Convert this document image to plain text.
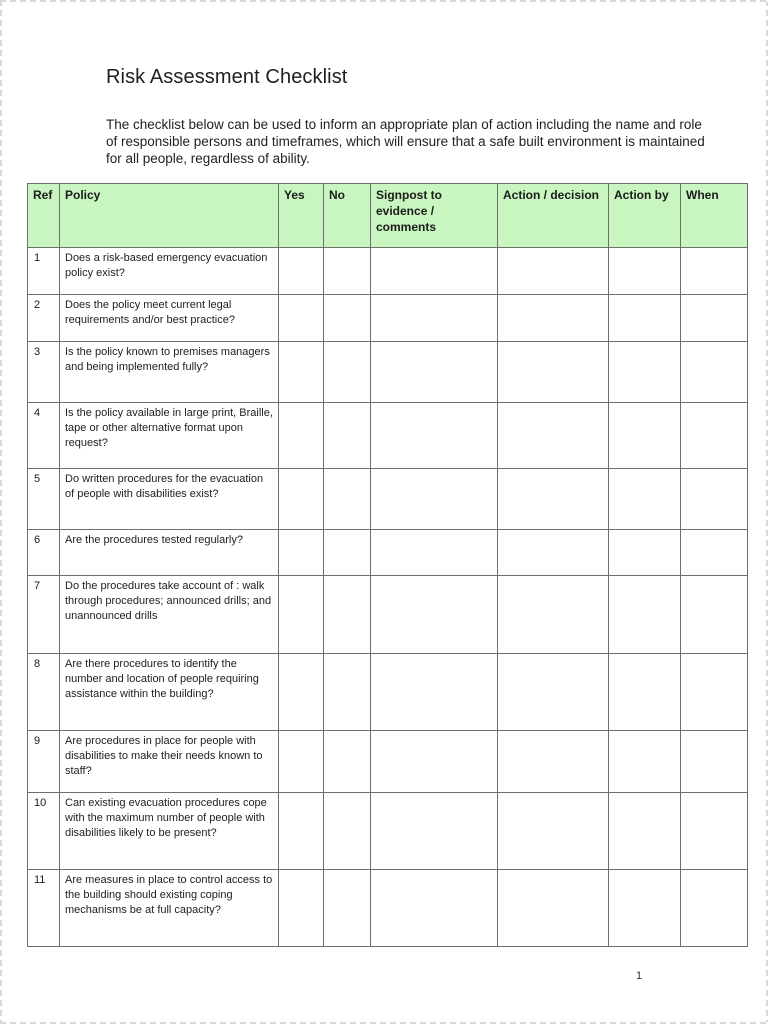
Risk Assessment Checklist

The checklist below can be used to inform an appropriate plan of action including the name and role of responsible persons and timeframes, which will ensure that a safe built environment is maintained for all people, regardless of ability.

Ref	Policy	Yes	No	Signpost to evidence / comments	Action / decision	Action by	When
1	Does a risk-based emergency evacuation policy exist?						
2	Does the policy meet current legal requirements and/or best practice?						
3	Is the policy known to premises managers and being implemented fully?						
4	Is the policy available in large print, Braille, tape or other alternative format upon request?						
5	Do written procedures for the evacuation of people with disabilities exist?						
6	Are the procedures tested regularly?						
7	Do the procedures take account of : walk through procedures; announced drills; and unannounced drills						
8	Are there procedures to identify the number and location of people requiring assistance within the building?						
9	Are procedures in place for people with disabilities to make their needs known to staff?						
10	Can existing evacuation procedures cope with the maximum number of people with disabilities likely to be present?						
11	Are measures in place to control access to the building should existing coping mechanisms be at full capacity?						
1
